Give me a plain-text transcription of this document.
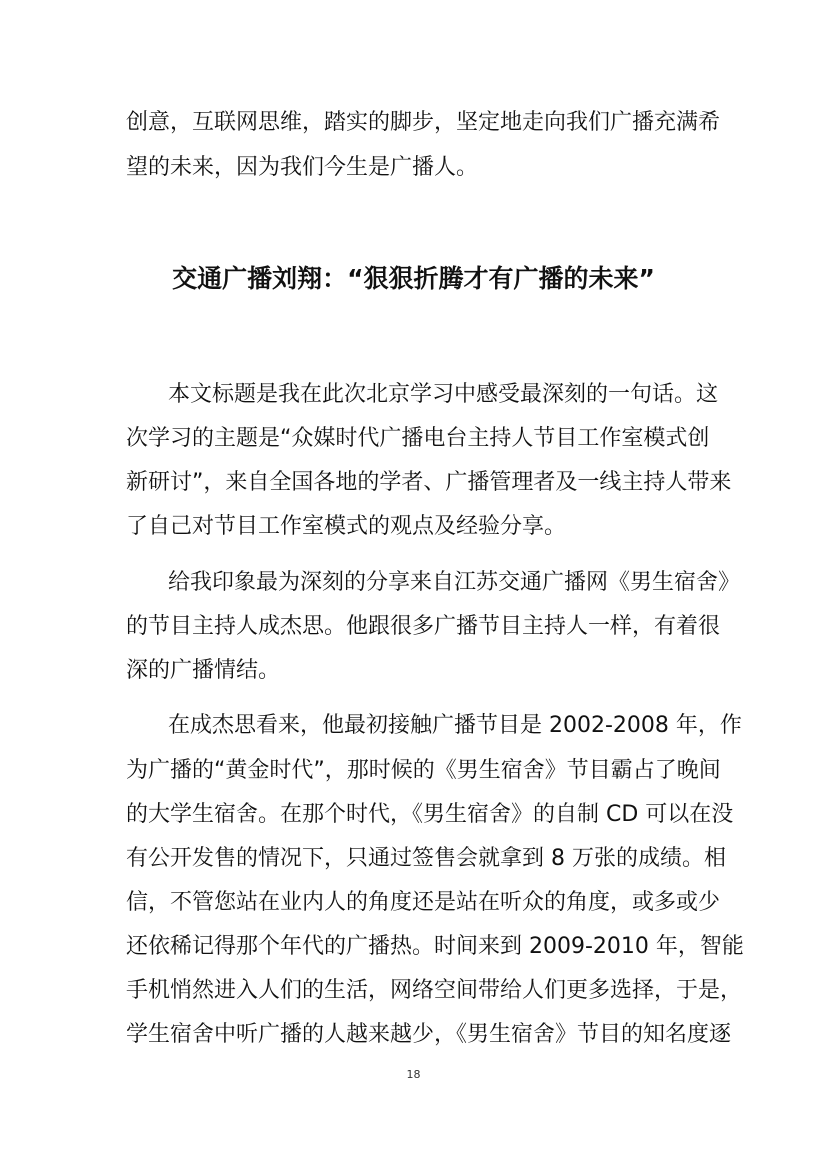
创意，互联网思维，踏实的脚步，坚定地走向我们广播充满希
望的未来，因为我们今生是广播人。
交通广播刘翔：“狠狠折腾才有广播的未来”
本文标题是我在此次北京学习中感受最深刻的一句话。这
次学习的主题是“众媒时代广播电台主持人节目工作室模式创
新研讨”，来自全国各地的学者、广播管理者及一线主持人带来
了自己对节目工作室模式的观点及经验分享。
给我印象最为深刻的分享来自江苏交通广播网《男生宿舍》
的节目主持人成杰思。他跟很多广播节目主持人一样，有着很
深的广播情结。
在成杰思看来，他最初接触广播节目是 2002-2008 年，作
为广播的“黄金时代”，那时候的《男生宿舍》节目霸占了晚间
的大学生宿舍。在那个时代，《男生宿舍》的自制 CD 可以在没
有公开发售的情况下，只通过签售会就拿到 8 万张的成绩。相
信，不管您站在业内人的角度还是站在听众的角度，或多或少
还依稀记得那个年代的广播热。时间来到 2009-2010 年，智能
手机悄然进入人们的生活，网络空间带给人们更多选择，于是，
学生宿舍中听广播的人越来越少，《男生宿舍》节目的知名度逐
18
